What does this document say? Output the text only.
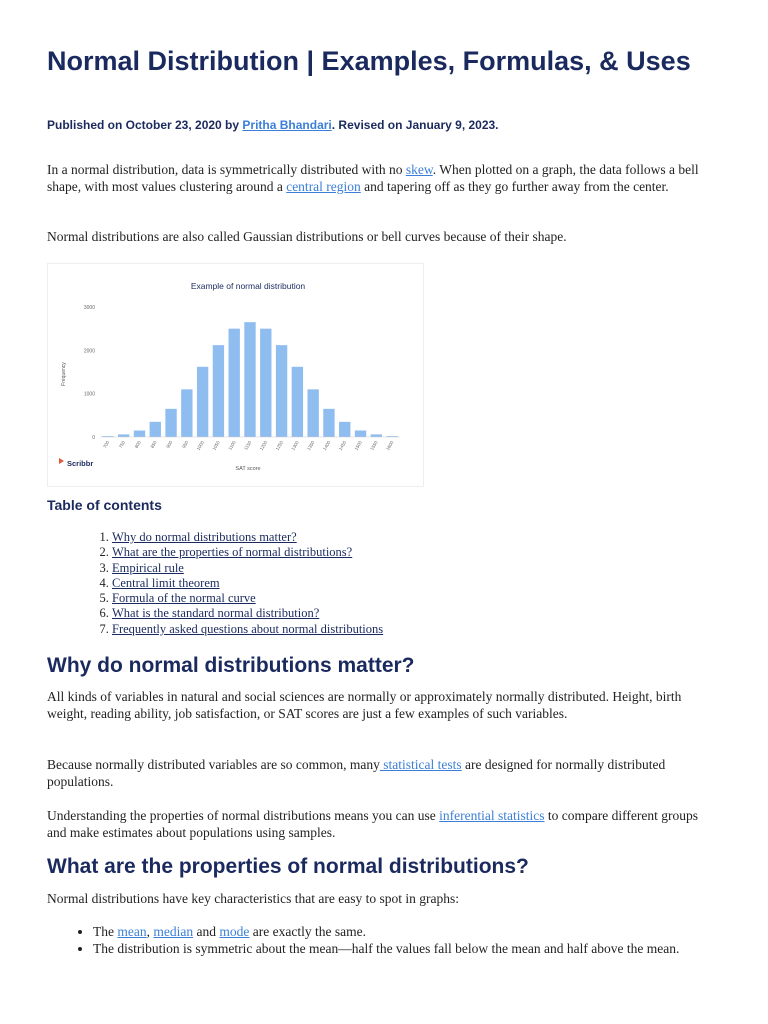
Normal Distribution | Examples, Formulas, & Uses
Published on October 23, 2020 by Pritha Bhandari. Revised on January 9, 2023.

In a normal distribution, data is symmetrically distributed with no skew. When plotted on a graph, the data follows a bell shape, with most values clustering around a central region and tapering off as they go further away from the center.

Normal distributions are also called Gaussian distributions or bell curves because of their shape.

Example of normal distribution
Frequency
SAT score
Scribbr
0
1000
2000
3000
700 750 800 850 900 950 1000 1050 1100 1150 1200 1250 1300 1350 1400 1450 1500 1550 1600
Table of contents
1. Why do normal distributions matter?
2. What are the properties of normal distributions?
3. Empirical rule
4. Central limit theorem
5. Formula of the normal curve
6. What is the standard normal distribution?
7. Frequently asked questions about normal distributions
Why do normal distributions matter?

All kinds of variables in natural and social sciences are normally or approximately normally distributed. Height, birth weight, reading ability, job satisfaction, or SAT scores are just a few examples of such variables.

Because normally distributed variables are so common, many statistical tests are designed for normally distributed populations.

Understanding the properties of normal distributions means you can use inferential statistics to compare different groups and make estimates about populations using samples.

What are the properties of normal distributions?

Normal distributions have key characteristics that are easy to spot in graphs:

• The mean, median and mode are exactly the same.
• The distribution is symmetric about the mean—half the values fall below the mean and half above the mean.
